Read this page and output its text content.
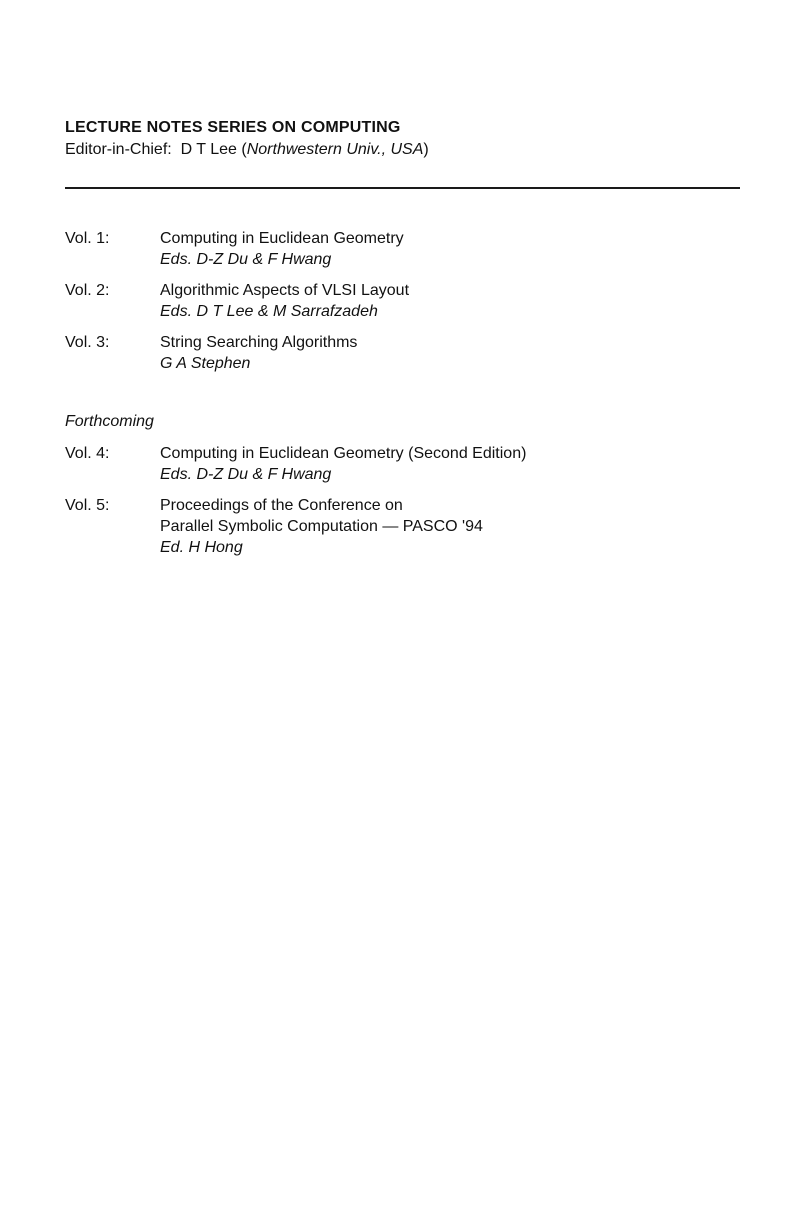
LECTURE NOTES SERIES ON COMPUTING

Editor-in-Chief: D T Lee (Northwestern Univ., USA)

Vol. 1:	Computing in Euclidean Geometry
Eds. D-Z Du & F Hwang
Vol. 2:	Algorithmic Aspects of VLSI Layout
Eds. D T Lee & M Sarrafzadeh
Vol. 3:	String Searching Algorithms
G A Stephen

Forthcoming

Vol. 4:	Computing in Euclidean Geometry (Second Edition)
Eds. D-Z Du & F Hwang
Vol. 5:	Proceedings of the Conference on
Parallel Symbolic Computation — PASCO '94
Ed. H Hong
